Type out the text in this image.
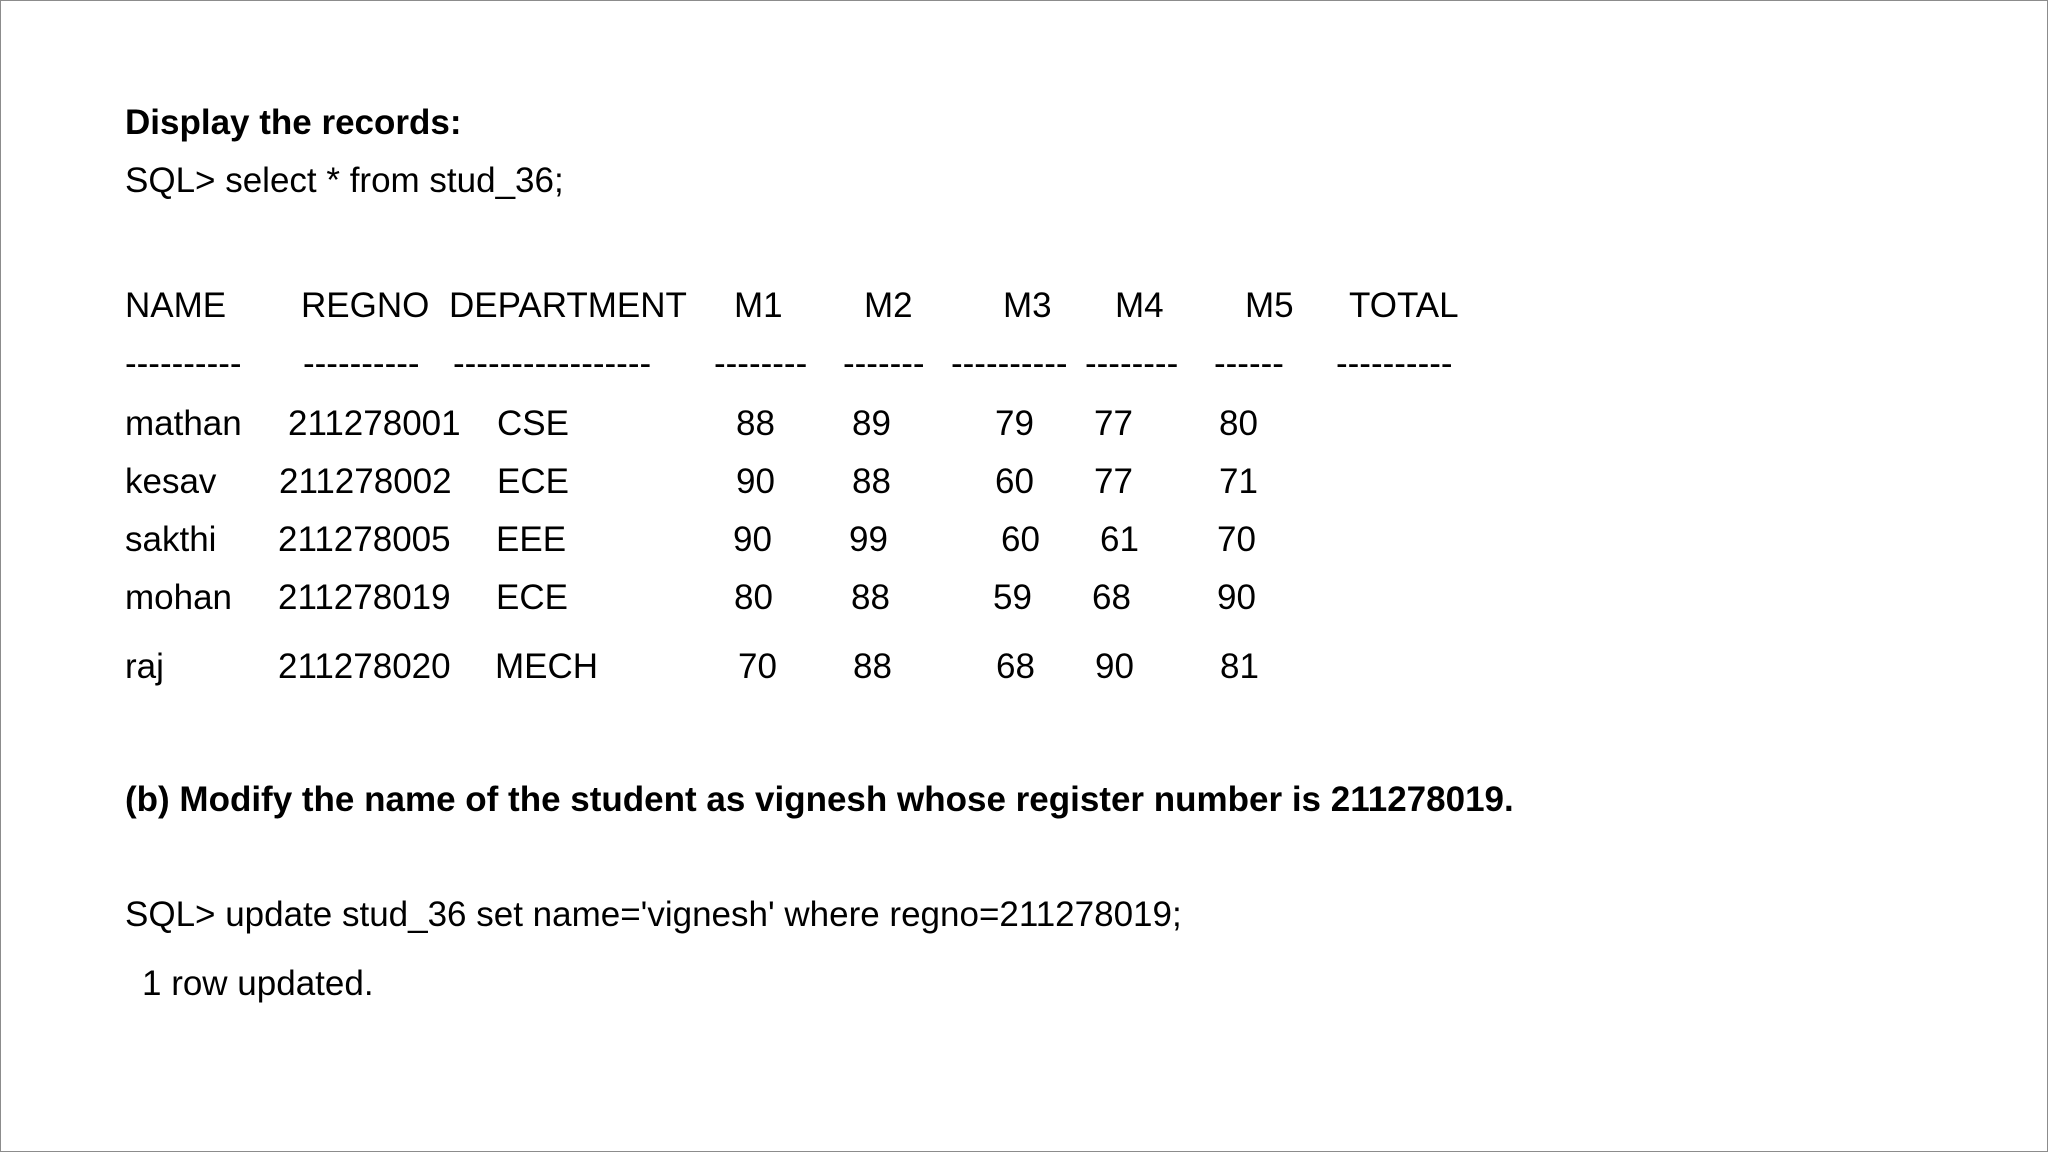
Display the records:
SQL> select * from stud_36;
NAME REGNO DEPARTMENT M1 M2	M3 M4 M5 TOTAL
---------- ---------- ----------------- -------- ------- ---------- -------- ------ ----------
mathan 211278001 CSE	88 89	79 77 80
kesav 211278002 ECE	90 88	60 77 71
sakthi 211278005 EEE	90 99	60 61 70
mohan 211278019 ECE	80 88	59 68 90
raj	211278020 MECH	70 88	68 90 81
(b) Modify the name of the student as vignesh whose register number is 211278019.
SQL> update stud_36 set name='vignesh' where regno=211278019;
1 row updated.
